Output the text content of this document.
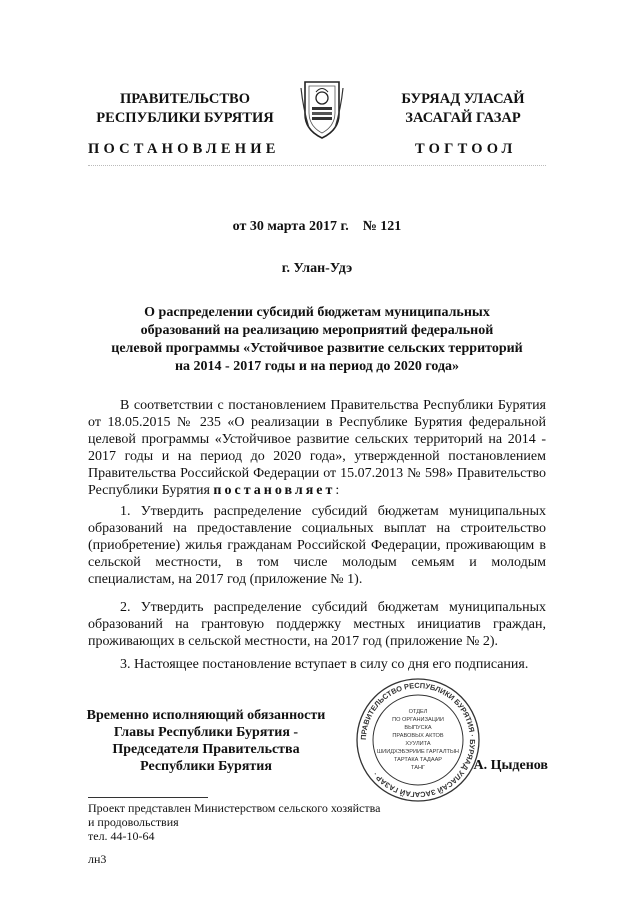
ПРАВИТЕЛЬСТВО
РЕСПУБЛИКИ БУРЯТИЯ
БУРЯАД УЛАСАЙ
ЗАСАГАЙ ГАЗАР
ПОСТАНОВЛЕНИЕ	ТОГТООЛ
от 30 марта 2017 г.    № 121
г. Улан-Удэ
О распределении субсидий бюджетам муниципальных
образований на реализацию мероприятий федеральной
целевой программы «Устойчивое развитие сельских территорий
на 2014 - 2017 годы и на период до 2020 года»
В соответствии с постановлением Правительства Республики Бурятия от 18.05.2015 № 235 «О реализации в Республике Бурятия федеральной целевой программы «Устойчивое развитие сельских территорий на 2014 - 2017 годы и на период до 2020 года», утвержденной постановлением Правительства Российской Федерации от 15.07.2013 № 598» Правительство Республики Бурятия постановляет:
1. Утвердить распределение субсидий бюджетам муниципальных образований на предоставление социальных выплат на строительство (приобретение) жилья гражданам Российской Федерации, проживающим в сельской местности, в том числе молодым семьям и молодым специалистам, на 2017 год (приложение № 1).
2. Утвердить распределение субсидий бюджетам муниципальных образований на грантовую поддержку местных инициатив граждан, проживающих в сельской местности, на 2017 год (приложение № 2).
3. Настоящее постановление вступает в силу со дня его подписания.
Временно исполняющий обязанности
Главы Республики Бурятия -
Председателя Правительства
Республики Бурятия
ПРАВИТЕЛЬСТВО РЕСПУБЛИКИ БУРЯТИЯ · БУРЯАД УЛАСАЙ ЗАСАГАЙ ГАЗАР ·
ОТДЕЛ
ПО ОРГАНИЗАЦИИ
ВЫПУСКА
ПРАВОВЫХ АКТОВ
ХУУЛИТА
ШИИДХЭБЭРИИЕ ГАРГАЛТЫН
ТАРТАКА ТАДААР
ТАНГ	А. Цыденов
Проект представлен Министерством сельского хозяйства
и продовольствия
тел. 44-10-64
лн3
